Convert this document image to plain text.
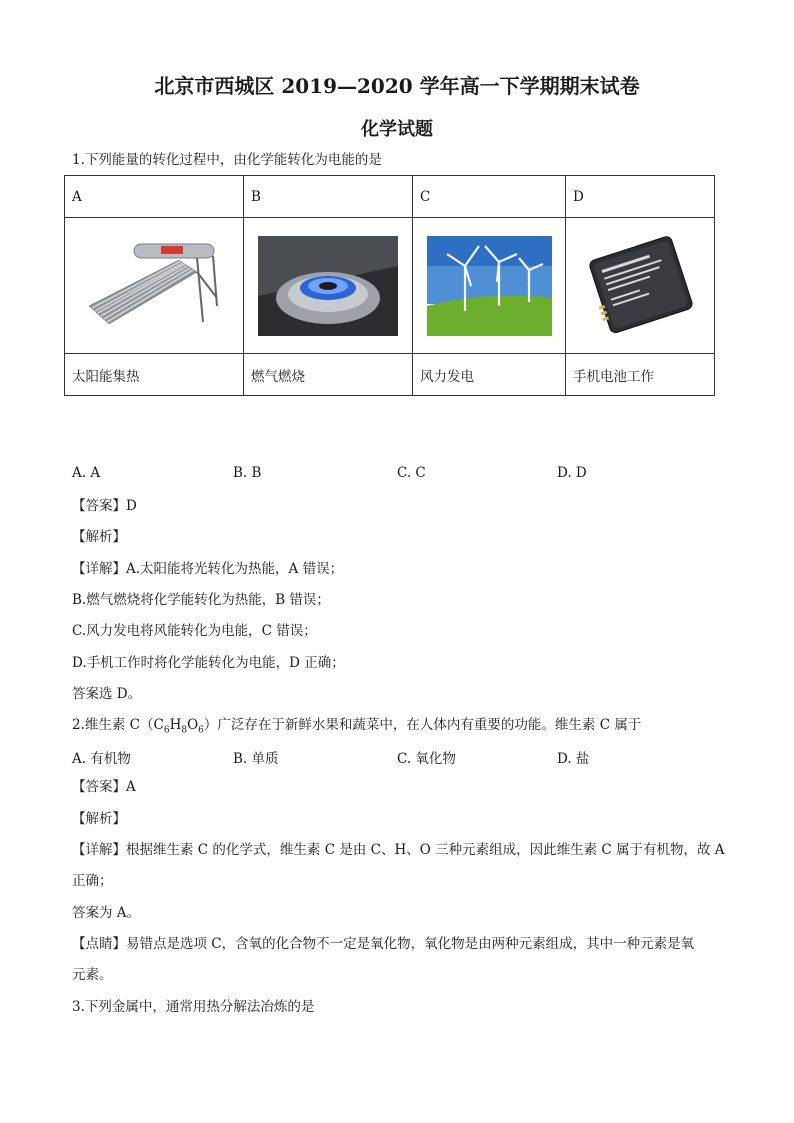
北京市西城区 2019—2020 学年高一下学期期末试卷
化学试题
1.下列能量的转化过程中，由化学能转化为电能的是
A	B	C	D

太阳能集热	燃气燃烧	风力发电	手机电池工作
A. A	B. B	C. C	D. D
【答案】D
【解析】
【详解】A.太阳能将光转化为热能，A 错误；
B.燃气燃烧将化学能转化为热能，B 错误；
C.风力发电将风能转化为电能，C 错误；
D.手机工作时将化学能转化为电能，D 正确；
答案选 D。
2.维生素 $C(C_6H_8O_6)$广泛存在于新鲜水果和蔬菜中，在人体内有重要的功能。维生素 C 属于
A. 有机物	B. 单质	C. 氧化物	D. 盐
【答案】A
【解析】
【详解】根据维生素 C 的化学式，维生素 C 是由 C、H、O 三种元素组成，因此维生素 C 属于有机物，故 A
正确；
答案为 A。
【点睛】易错点是选项 C，含氧的化合物不一定是氧化物，氧化物是由两种元素组成，其中一种元素是氧
元素。
3.下列金属中，通常用热分解法冶炼的是
